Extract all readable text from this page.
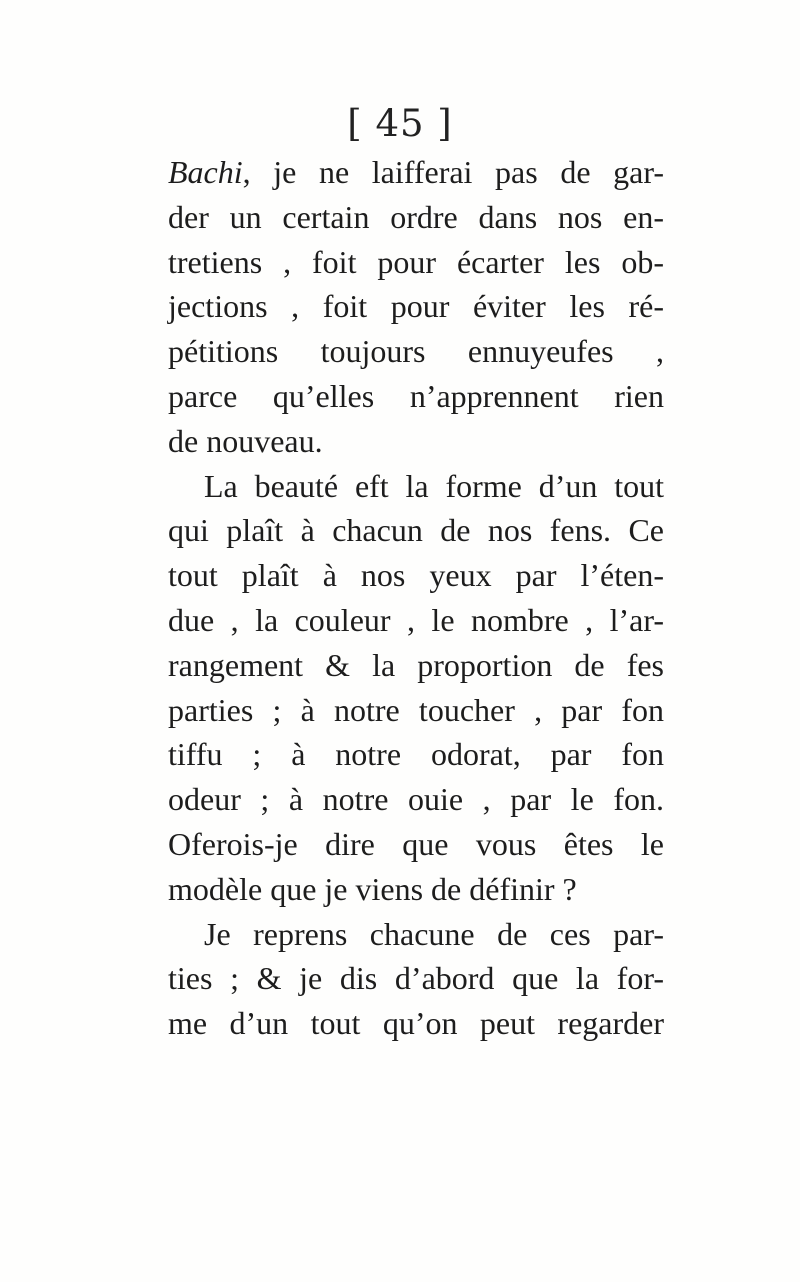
[ 45 ]
Bachi, je ne laifferai pas de gar-
der un certain ordre dans nos en-
tretiens , foit pour écarter les ob-
jections , foit pour éviter les ré-
pétitions toujours ennuyeufes ,
parce qu’elles n’apprennent rien
de nouveau.
La beauté eft la forme d’un tout
qui plaît à chacun de nos fens. Ce
tout plaît à nos yeux par l’éten-
due , la couleur , le nombre , l’ar-
rangement & la proportion de fes
parties ; à notre toucher , par fon
tiffu ; à notre odorat, par fon
odeur ; à notre ouie , par le fon.
Oferois-je dire que vous êtes le
modèle que je viens de définir ?
Je reprens chacune de ces par-
ties ; & je dis d’abord que la for-
me d’un tout qu’on peut regarder
